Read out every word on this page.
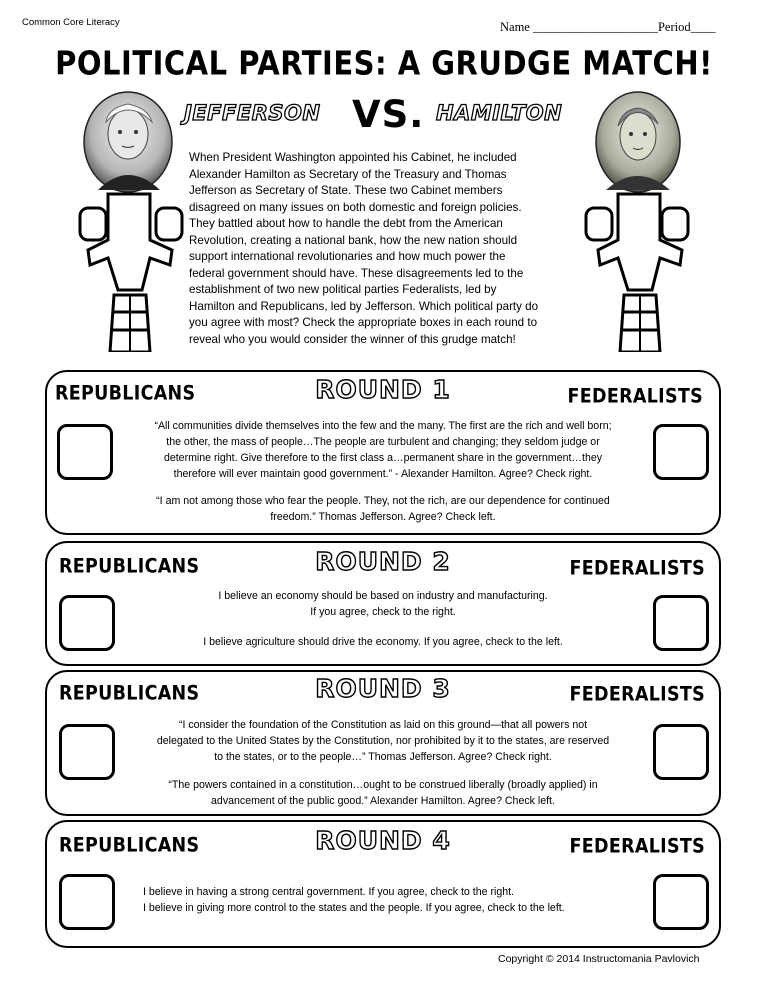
Common Core Literacy	Name ____________________Period____
POLITICAL PARTIES: A GRUDGE MATCH!
JEFFERSON VS. HAMILTON
When President Washington appointed his Cabinet, he included
Alexander Hamilton as Secretary of the Treasury and Thomas
Jefferson as Secretary of State. These two Cabinet members
disagreed on many issues on both domestic and foreign policies.
They battled about how to handle the debt from the American
Revolution, creating a national bank, how the new nation should
support international revolutionaries and how much power the
federal government should have. These disagreements led to the
establishment of two new political parties Federalists, led by
Hamilton and Republicans, led by Jefferson. Which political party do
you agree with most? Check the appropriate boxes in each round to
reveal who you would consider the winner of this grudge match!
REPUBLICANS	ROUND 1	FEDERALISTS
“All communities divide themselves into the few and the many. The first are the rich and well born;
the other, the mass of people…The people are turbulent and changing; they seldom judge or
determine right. Give therefore to the first class a…permanent share in the government…they
therefore will ever maintain good government.” - Alexander Hamilton. Agree? Check right.
“I am not among those who fear the people. They, not the rich, are our dependence for continued
freedom.” Thomas Jefferson. Agree? Check left.
REPUBLICANS	ROUND 2	FEDERALISTS
I believe an economy should be based on industry and manufacturing.
If you agree, check to the right.
I believe agriculture should drive the economy. If you agree, check to the left.
REPUBLICANS	ROUND 3	FEDERALISTS
“I consider the foundation of the Constitution as laid on this ground—that all powers not
delegated to the United States by the Constitution, nor prohibited by it to the states, are reserved
to the states, or to the people…” Thomas Jefferson. Agree? Check right.
“The powers contained in a constitution…ought to be construed liberally (broadly applied) in
advancement of the public good.” Alexander Hamilton. Agree? Check left.
REPUBLICANS	ROUND 4	FEDERALISTS
I believe in having a strong central government. If you agree, check to the right.
I believe in giving more control to the states and the people. If you agree, check to the left.
Copyright © 2014 Instructomania Pavlovich
